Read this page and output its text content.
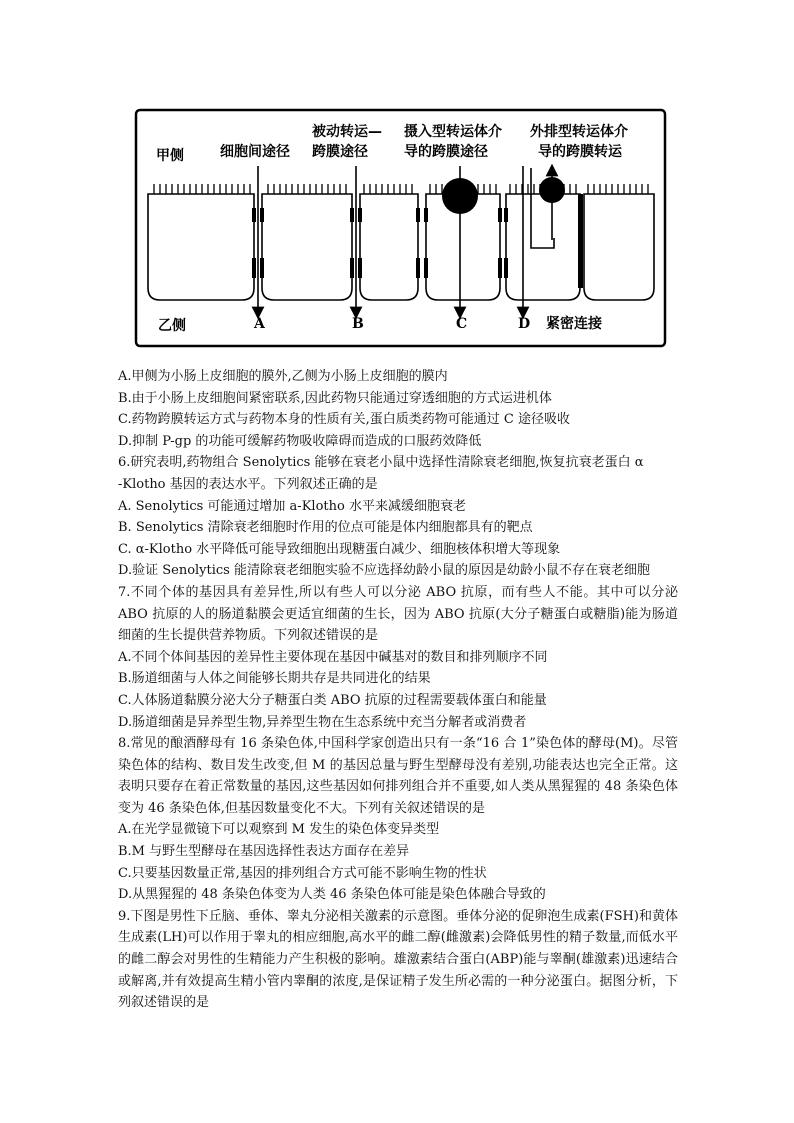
甲侧
乙侧
细胞间途径
被动转运—
跨膜途径
摄入型转运体介
导的跨膜途径
外排型转运体介
导的跨膜转运
A	B	C	D 紧密连接
A.甲侧为小肠上皮细胞的膜外,乙侧为小肠上皮细胞的膜内
B.由于小肠上皮细胞间紧密联系,因此药物只能通过穿透细胞的方式运进机体
C.药物跨膜转运方式与药物本身的性质有关,蛋白质类药物可能通过 C 途径吸收
D.抑制 P-gp 的功能可缓解药物吸收障碍而造成的口服药效降低
6.研究表明,药物组合 Senolytics 能够在衰老小鼠中选择性清除衰老细胞,恢复抗衰老蛋白 α
-Klotho 基因的表达水平。下列叙述正确的是
A. Senolytics 可能通过增加 a-Klotho 水平来减缓细胞衰老
B. Senolytics 清除衰老细胞时作用的位点可能是体内细胞都具有的靶点
C. α-Klotho 水平降低可能导致细胞出现糖蛋白减少、细胞核体积增大等现象
D.验证 Senolytics 能清除衰老细胞实验不应选择幼龄小鼠的原因是幼龄小鼠不存在衰老细胞
7.不同个体的基因具有差异性,所以有些人可以分泌 ABO 抗原，而有些人不能。其中可以分泌 ABO 抗原的人的肠道黏膜会更适宜细菌的生长，因为 ABO 抗原(大分子糖蛋白或糖脂)能为肠道细菌的生长提供营养物质。下列叙述错误的是
A.不同个体间基因的差异性主要体现在基因中碱基对的数目和排列顺序不同
B.肠道细菌与人体之间能够长期共存是共同进化的结果
C.人体肠道黏膜分泌大分子糖蛋白类 ABO 抗原的过程需要载体蛋白和能量
D.肠道细菌是异养型生物,异养型生物在生态系统中充当分解者或消费者
8.常见的酿酒酵母有 16 条染色体,中国科学家创造出只有一条“16 合 1”染色体的酵母(M)。尽管染色体的结构、数目发生改变,但 M 的基因总量与野生型酵母没有差别,功能表达也完全正常。这表明只要存在着正常数量的基因,这些基因如何排列组合并不重要,如人类从黑猩猩的 48 条染色体变为 46 条染色体,但基因数量变化不大。下列有关叙述错误的是
A.在光学显微镜下可以观察到 M 发生的染色体变异类型
B.M 与野生型酵母在基因选择性表达方面存在差异
C.只要基因数量正常,基因的排列组合方式可能不影响生物的性状
D.从黑猩猩的 48 条染色体变为人类 46 条染色体可能是染色体融合导致的
9.下图是男性下丘脑、垂体、睾丸分泌相关激素的示意图。垂体分泌的促卵泡生成素(FSH)和黄体生成素(LH)可以作用于睾丸的相应细胞,高水平的雌二醇(雌激素)会降低男性的精子数量,而低水平的雌二醇会对男性的生精能力产生积极的影响。雄激素结合蛋白(ABP)能与睾酮(雄激素)迅速结合或解离,并有效提高生精小管内睾酮的浓度,是保证精子发生所必需的一种分泌蛋白。据图分析，下列叙述错误的是
